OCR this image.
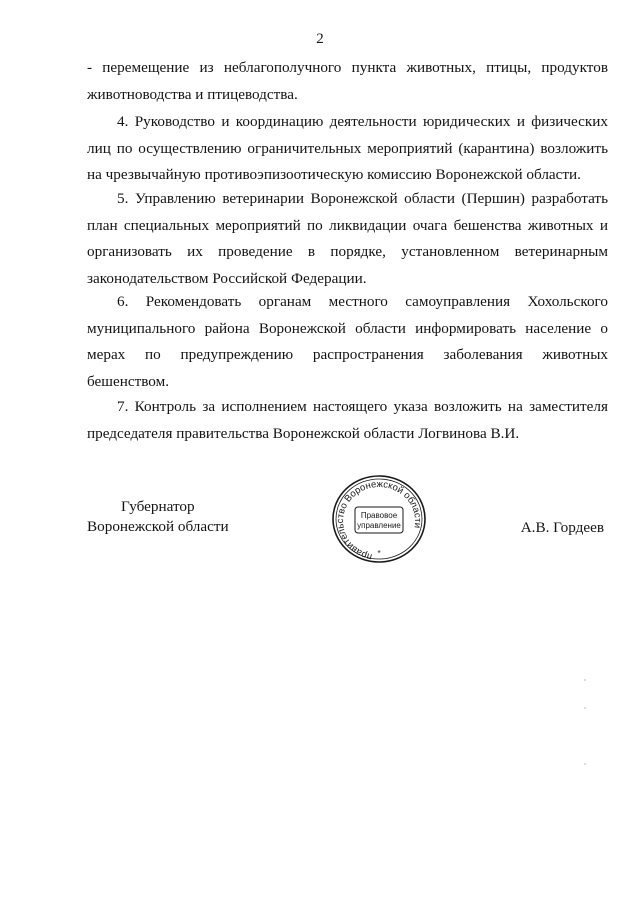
2

- перемещение из неблагополучного пункта животных, птицы, продуктов животноводства и птицеводства.

4. Руководство и координацию деятельности юридических и физических лиц по осуществлению ограничительных мероприятий (карантина) возложить на чрезвычайную противоэпизоотическую комиссию Воронежской области.

5. Управлению ветеринарии Воронежской области (Першин) разработать план специальных мероприятий по ликвидации очага бешенства животных и организовать их проведение в порядке, установленном ветеринарным законодательством Российской Федерации.

6. Рекомендовать органам местного самоуправления Хохольского муниципального района Воронежской области информировать население о мерах по предупреждению распространения заболевания животных бешенством.

7. Контроль за исполнением настоящего указа возложить на заместителя председателя правительства Воронежской области Логвинова В.И.

Губернатор
Воронежской области
правительство Воронежской области
Правовое
управление
*
А.В. Гордеев
